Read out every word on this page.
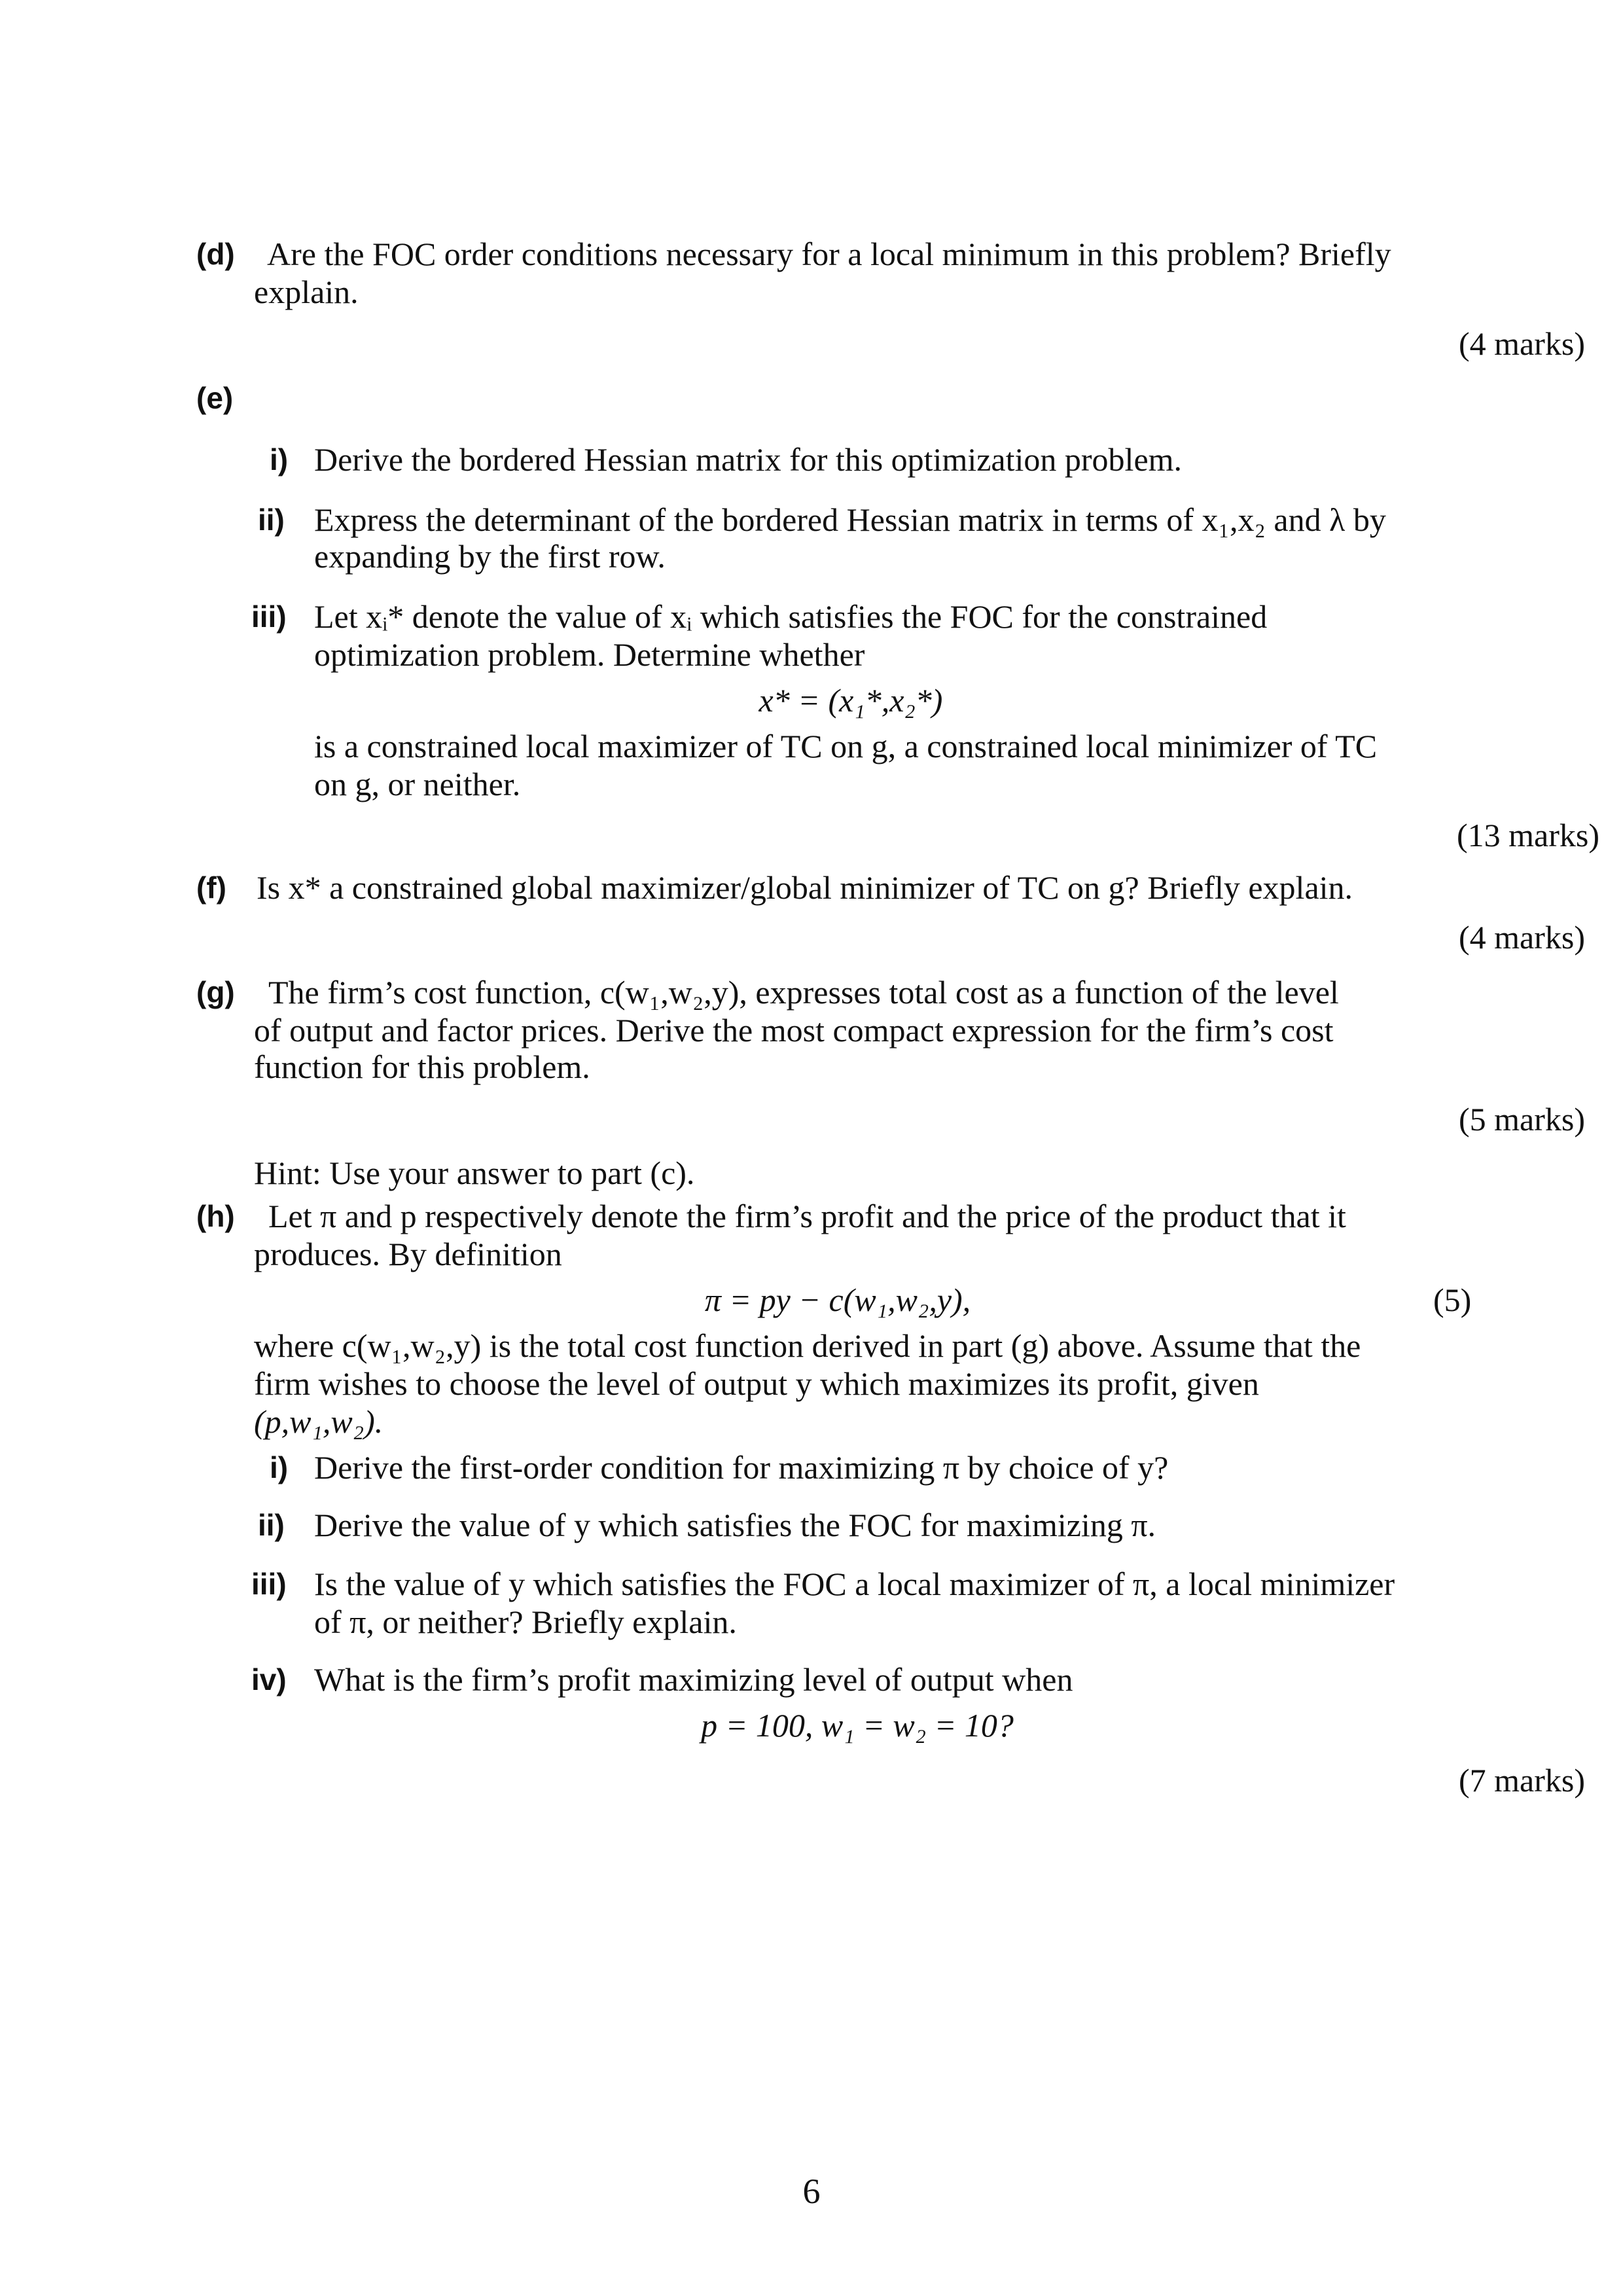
(d) Are the FOC order conditions necessary for a local minimum in this problem? Briefly
explain.
(4 marks)
(e)
i) Derive the bordered Hessian matrix for this optimization problem.
ii) Express the determinant of the bordered Hessian matrix in terms of x₁,x₂ and λ by
expanding by the first row.
iii) Let xᵢ* denote the value of xᵢ which satisfies the FOC for the constrained
optimization problem. Determine whether
x* = (x₁*,x₂*)
is a constrained local maximizer of TC on g, a constrained local minimizer of TC
on g, or neither.
(13 marks)
(f) Is x* a constrained global maximizer/global minimizer of TC on g? Briefly explain.
(4 marks)
(g) The firm’s cost function, c(w₁,w₂,y), expresses total cost as a function of the level
of output and factor prices. Derive the most compact expression for the firm’s cost
function for this problem.
(5 marks)
Hint: Use your answer to part (c).
(h) Let π and p respectively denote the firm’s profit and the price of the product that it
produces. By definition
π = py − c(w₁,w₂,y),	(5)
where c(w₁,w₂,y) is the total cost function derived in part (g) above. Assume that the
firm wishes to choose the level of output y which maximizes its profit, given
(p,w₁,w₂).
i) Derive the first-order condition for maximizing π by choice of y?
ii) Derive the value of y which satisfies the FOC for maximizing π.
iii) Is the value of y which satisfies the FOC a local maximizer of π, a local minimizer
of π, or neither? Briefly explain.
iv) What is the firm’s profit maximizing level of output when
p = 100, w₁ = w₂ = 10?
(7 marks)
6
